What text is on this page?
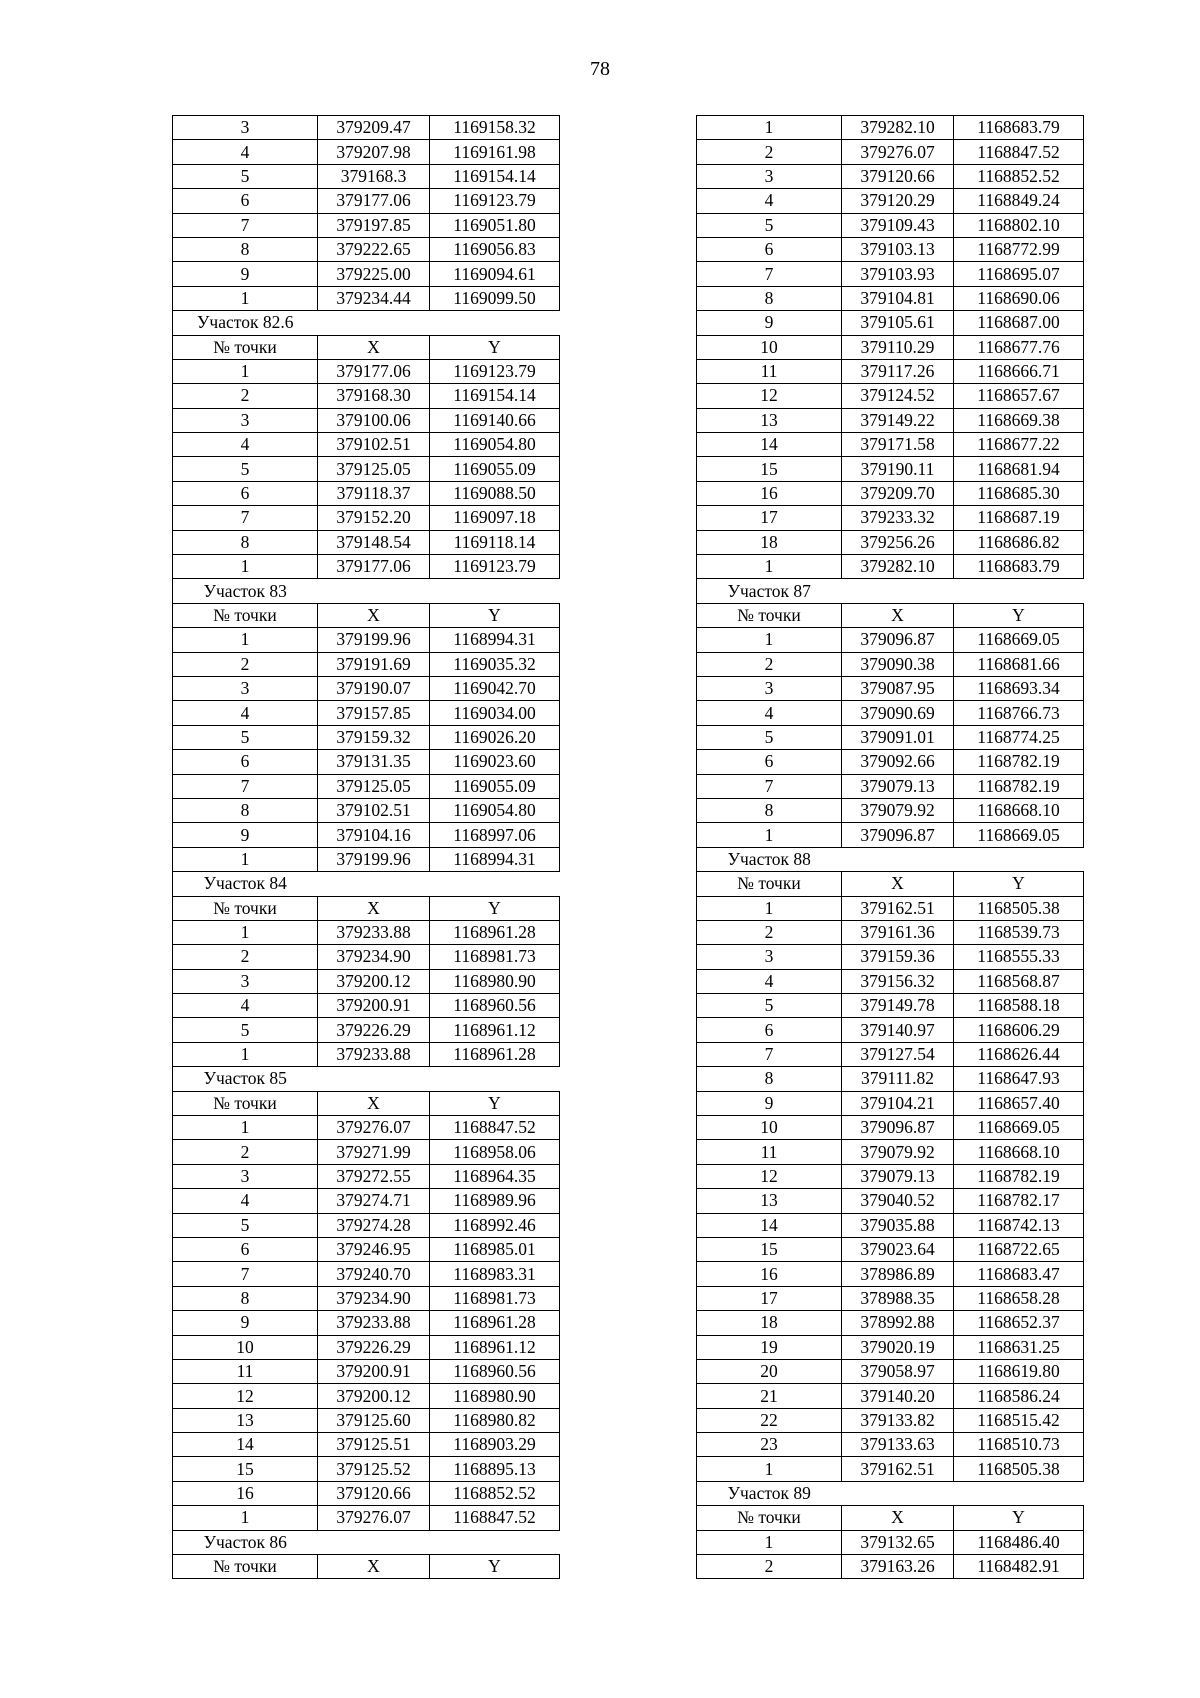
78
3	379209.47	1169158.32
4	379207.98	1169161.98
5	379168.3	1169154.14
6	379177.06	1169123.79
7	379197.85	1169051.80
8	379222.65	1169056.83
9	379225.00	1169094.61
1	379234.44	1169099.50
Участок 82.6		
№ точки	X	Y
1	379177.06	1169123.79
2	379168.30	1169154.14
3	379100.06	1169140.66
4	379102.51	1169054.80
5	379125.05	1169055.09
6	379118.37	1169088.50
7	379152.20	1169097.18
8	379148.54	1169118.14
1	379177.06	1169123.79
Участок 83		
№ точки	X	Y
1	379199.96	1168994.31
2	379191.69	1169035.32
3	379190.07	1169042.70
4	379157.85	1169034.00
5	379159.32	1169026.20
6	379131.35	1169023.60
7	379125.05	1169055.09
8	379102.51	1169054.80
9	379104.16	1168997.06
1	379199.96	1168994.31
Участок 84		
№ точки	X	Y
1	379233.88	1168961.28
2	379234.90	1168981.73
3	379200.12	1168980.90
4	379200.91	1168960.56
5	379226.29	1168961.12
1	379233.88	1168961.28
Участок 85		
№ точки	X	Y
1	379276.07	1168847.52
2	379271.99	1168958.06
3	379272.55	1168964.35
4	379274.71	1168989.96
5	379274.28	1168992.46
6	379246.95	1168985.01
7	379240.70	1168983.31
8	379234.90	1168981.73
9	379233.88	1168961.28
10	379226.29	1168961.12
11	379200.91	1168960.56
12	379200.12	1168980.90
13	379125.60	1168980.82
14	379125.51	1168903.29
15	379125.52	1168895.13
16	379120.66	1168852.52
1	379276.07	1168847.52
Участок 86		
№ точки	X	Y
1	379282.10	1168683.79
2	379276.07	1168847.52
3	379120.66	1168852.52
4	379120.29	1168849.24
5	379109.43	1168802.10
6	379103.13	1168772.99
7	379103.93	1168695.07
8	379104.81	1168690.06
9	379105.61	1168687.00
10	379110.29	1168677.76
11	379117.26	1168666.71
12	379124.52	1168657.67
13	379149.22	1168669.38
14	379171.58	1168677.22
15	379190.11	1168681.94
16	379209.70	1168685.30
17	379233.32	1168687.19
18	379256.26	1168686.82
1	379282.10	1168683.79
Участок 87		
№ точки	X	Y
1	379096.87	1168669.05
2	379090.38	1168681.66
3	379087.95	1168693.34
4	379090.69	1168766.73
5	379091.01	1168774.25
6	379092.66	1168782.19
7	379079.13	1168782.19
8	379079.92	1168668.10
1	379096.87	1168669.05
Участок 88		
№ точки	X	Y
1	379162.51	1168505.38
2	379161.36	1168539.73
3	379159.36	1168555.33
4	379156.32	1168568.87
5	379149.78	1168588.18
6	379140.97	1168606.29
7	379127.54	1168626.44
8	379111.82	1168647.93
9	379104.21	1168657.40
10	379096.87	1168669.05
11	379079.92	1168668.10
12	379079.13	1168782.19
13	379040.52	1168782.17
14	379035.88	1168742.13
15	379023.64	1168722.65
16	378986.89	1168683.47
17	378988.35	1168658.28
18	378992.88	1168652.37
19	379020.19	1168631.25
20	379058.97	1168619.80
21	379140.20	1168586.24
22	379133.82	1168515.42
23	379133.63	1168510.73
1	379162.51	1168505.38
Участок 89		
№ точки	X	Y
1	379132.65	1168486.40
2	379163.26	1168482.91
